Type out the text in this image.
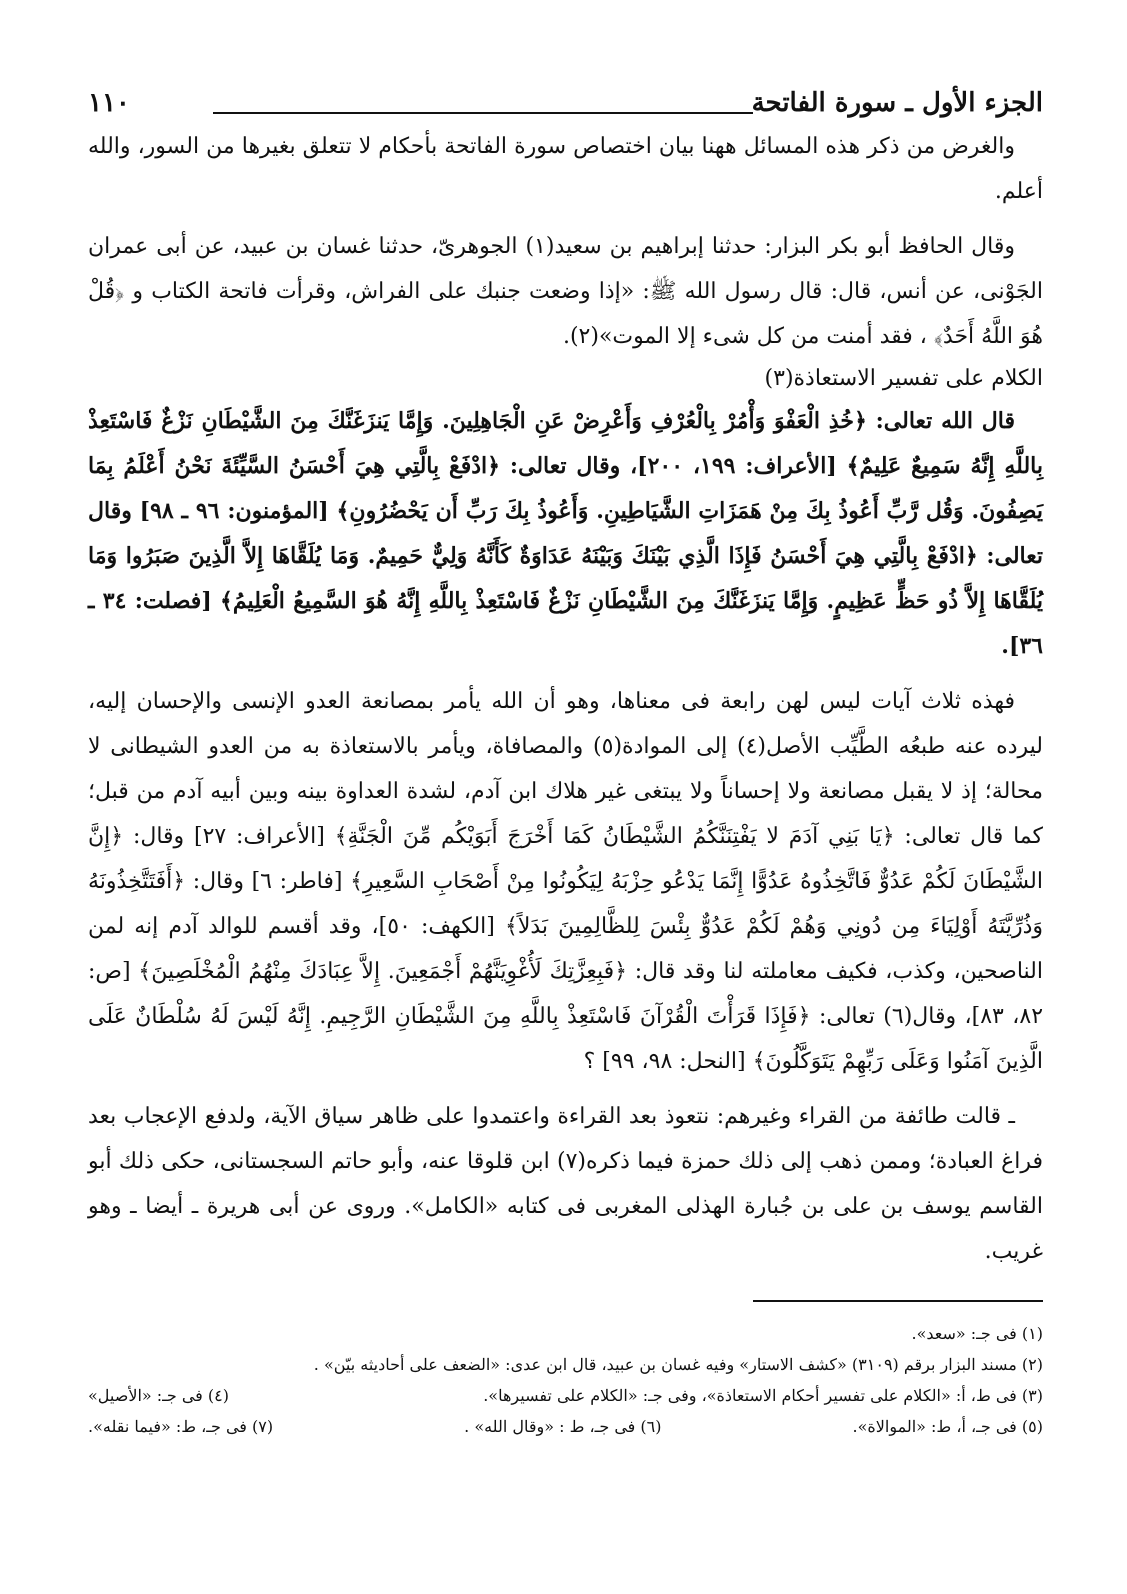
الجزء الأول ـ سورة الفاتحة
١١٠

والغرض من ذكر هذه المسائل ههنا بيان اختصاص سورة الفاتحة بأحكام لا تتعلق بغيرها من السور، والله أعلم.

وقال الحافظ أبو بكر البزار: حدثنا إبراهيم بن سعيد(١) الجوهرىّ، حدثنا غسان بن عبيد، عن أبى عمران الجَوْنى، عن أنس، قال: قال رسول الله ﷺ: «إذا وضعت جنبك على الفراش، وقرأت فاتحة الكتاب و ﴿قُلْ هُوَ اللَّهُ أَحَدٌ﴾ ، فقد أمنت من كل شىء إلا الموت»(٢).

الكلام على تفسير الاستعاذة(٣)

قال الله تعالى: ﴿خُذِ الْعَفْوَ وَأْمُرْ بِالْعُرْفِ وَأَعْرِضْ عَنِ الْجَاهِلِينَ. وَإِمَّا يَنزَغَنَّكَ مِنَ الشَّيْطَانِ نَزْغٌ فَاسْتَعِذْ بِاللَّهِ إِنَّهُ سَمِيعٌ عَلِيمٌ﴾ [الأعراف: ١٩٩، ٢٠٠]، وقال تعالى: ﴿ادْفَعْ بِالَّتِي هِيَ أَحْسَنُ السَّيِّئَةَ نَحْنُ أَعْلَمُ بِمَا يَصِفُونَ. وَقُل رَّبِّ أَعُوذُ بِكَ مِنْ هَمَزَاتِ الشَّيَاطِينِ. وَأَعُوذُ بِكَ رَبِّ أَن يَحْضُرُونِ﴾ [المؤمنون: ٩٦ ـ ٩٨] وقال تعالى: ﴿ادْفَعْ بِالَّتِي هِيَ أَحْسَنُ فَإِذَا الَّذِي بَيْنَكَ وَبَيْنَهُ عَدَاوَةٌ كَأَنَّهُ وَلِيٌّ حَمِيمٌ. وَمَا يُلَقَّاهَا إِلاَّ الَّذِينَ صَبَرُوا وَمَا يُلَقَّاهَا إِلاَّ ذُو حَظٍّ عَظِيمٍ. وَإِمَّا يَنزَغَنَّكَ مِنَ الشَّيْطَانِ نَزْغٌ فَاسْتَعِذْ بِاللَّهِ إِنَّهُ هُوَ السَّمِيعُ الْعَلِيمُ﴾ [فصلت: ٣٤ ـ ٣٦].

فهذه ثلاث آيات ليس لهن رابعة فى معناها، وهو أن الله يأمر بمصانعة العدو الإنسى والإحسان إليه، ليرده عنه طبعُه الطَّيِّب الأصل(٤) إلى الموادة(٥) والمصافاة، ويأمر بالاستعاذة به من العدو الشيطانى لا محالة؛ إذ لا يقبل مصانعة ولا إحساناً ولا يبتغى غير هلاك ابن آدم، لشدة العداوة بينه وبين أبيه آدم من قبل؛ كما قال تعالى: ﴿يَا بَنِي آدَمَ لا يَفْتِنَنَّكُمُ الشَّيْطَانُ كَمَا أَخْرَجَ أَبَوَيْكُم مِّنَ الْجَنَّةِ﴾ [الأعراف: ٢٧] وقال: ﴿إِنَّ الشَّيْطَانَ لَكُمْ عَدُوٌّ فَاتَّخِذُوهُ عَدُوًّا إِنَّمَا يَدْعُو حِزْبَهُ لِيَكُونُوا مِنْ أَصْحَابِ السَّعِيرِ﴾ [فاطر: ٦] وقال: ﴿أَفَتَتَّخِذُونَهُ وَذُرِّيَّتَهُ أَوْلِيَاءَ مِن دُونِي وَهُمْ لَكُمْ عَدُوٌّ بِئْسَ لِلظَّالِمِينَ بَدَلاً﴾ [الكهف: ٥٠]، وقد أقسم للوالد آدم إنه لمن الناصحين، وكذب، فكيف معاملته لنا وقد قال: ﴿فَبِعِزَّتِكَ لَأُغْوِيَنَّهُمْ أَجْمَعِينَ. إِلاَّ عِبَادَكَ مِنْهُمُ الْمُخْلَصِينَ﴾ [ص: ٨٢، ٨٣]، وقال(٦) تعالى: ﴿فَإِذَا قَرَأْتَ الْقُرْآنَ فَاسْتَعِذْ بِاللَّهِ مِنَ الشَّيْطَانِ الرَّجِيمِ. إِنَّهُ لَيْسَ لَهُ سُلْطَانٌ عَلَى الَّذِينَ آمَنُوا وَعَلَى رَبِّهِمْ يَتَوَكَّلُونَ﴾ [النحل: ٩٨، ٩٩] ؟

ـ قالت طائفة من القراء وغيرهم: نتعوذ بعد القراءة واعتمدوا على ظاهر سياق الآية، ولدفع الإعجاب بعد فراغ العبادة؛ وممن ذهب إلى ذلك حمزة فيما ذكره(٧) ابن قلوقا عنه، وأبو حاتم السجستانى، حكى ذلك أبو القاسم يوسف بن على بن جُبارة الهذلى المغربى فى كتابه «الكامل». وروى عن أبى هريرة ـ أيضا ـ وهو غريب.

(١) فى جـ: «سعد».

(٢) مسند البزار برقم (٣١٠٩) «كشف الاستار» وفيه غسان بن عبيد، قال ابن عدى: «الضعف على أحاديثه بيّن» .

(٣) فى ط، أ: «الكلام على تفسير أحكام الاستعاذة»، وفى جـ: «الكلام على تفسيرها».
(٤) فى جـ: «الأصيل»
(٥) فى جـ، أ، ط: «الموالاة».
(٦) فى جـ، ط : «وقال الله» .
(٧) فى جـ، ط: «فيما نقله».
